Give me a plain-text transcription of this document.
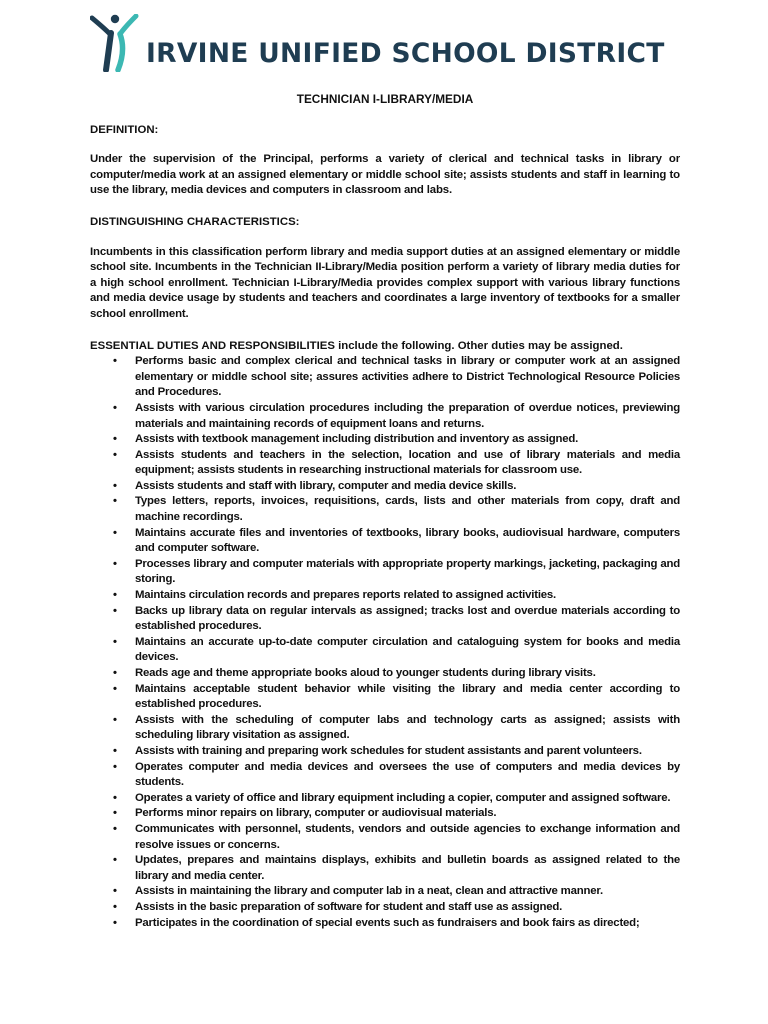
IRVINE UNIFIED SCHOOL DISTRICT
TECHNICIAN I-LIBRARY/MEDIA
DEFINITION:
Under the supervision of the Principal, performs a variety of clerical and technical tasks in library or computer/media work at an assigned elementary or middle school site; assists students and staff in learning to use the library, media devices and computers in classroom and labs.
DISTINGUISHING CHARACTERISTICS:
Incumbents in this classification perform library and media support duties at an assigned elementary or middle school site. Incumbents in the Technician II-Library/Media position perform a variety of library media duties for a high school enrollment. Technician I-Library/Media provides complex support with various library functions and media device usage by students and teachers and coordinates a large inventory of textbooks for a smaller school enrollment.
ESSENTIAL DUTIES AND RESPONSIBILITIES include the following. Other duties may be assigned.
• Performs basic and complex clerical and technical tasks in library or computer work at an assigned elementary or middle school site; assures activities adhere to District Technological Resource Policies and Procedures.
• Assists with various circulation procedures including the preparation of overdue notices, previewing materials and maintaining records of equipment loans and returns.
• Assists with textbook management including distribution and inventory as assigned.
• Assists students and teachers in the selection, location and use of library materials and media equipment; assists students in researching instructional materials for classroom use.
• Assists students and staff with library, computer and media device skills.
• Types letters, reports, invoices, requisitions, cards, lists and other materials from copy, draft and machine recordings.
• Maintains accurate files and inventories of textbooks, library books, audiovisual hardware, computers and computer software.
• Processes library and computer materials with appropriate property markings, jacketing, packaging and storing.
• Maintains circulation records and prepares reports related to assigned activities.
• Backs up library data on regular intervals as assigned; tracks lost and overdue materials according to established procedures.
• Maintains an accurate up-to-date computer circulation and cataloguing system for books and media devices.
• Reads age and theme appropriate books aloud to younger students during library visits.
• Maintains acceptable student behavior while visiting the library and media center according to established procedures.
• Assists with the scheduling of computer labs and technology carts as assigned; assists with scheduling library visitation as assigned.
• Assists with training and preparing work schedules for student assistants and parent volunteers.
• Operates computer and media devices and oversees the use of computers and media devices by students.
• Operates a variety of office and library equipment including a copier, computer and assigned software.
• Performs minor repairs on library, computer or audiovisual materials.
• Communicates with personnel, students, vendors and outside agencies to exchange information and resolve issues or concerns.
• Updates, prepares and maintains displays, exhibits and bulletin boards as assigned related to the library and media center.
• Assists in maintaining the library and computer lab in a neat, clean and attractive manner.
• Assists in the basic preparation of software for student and staff use as assigned.
• Participates in the coordination of special events such as fundraisers and book fairs as directed;
